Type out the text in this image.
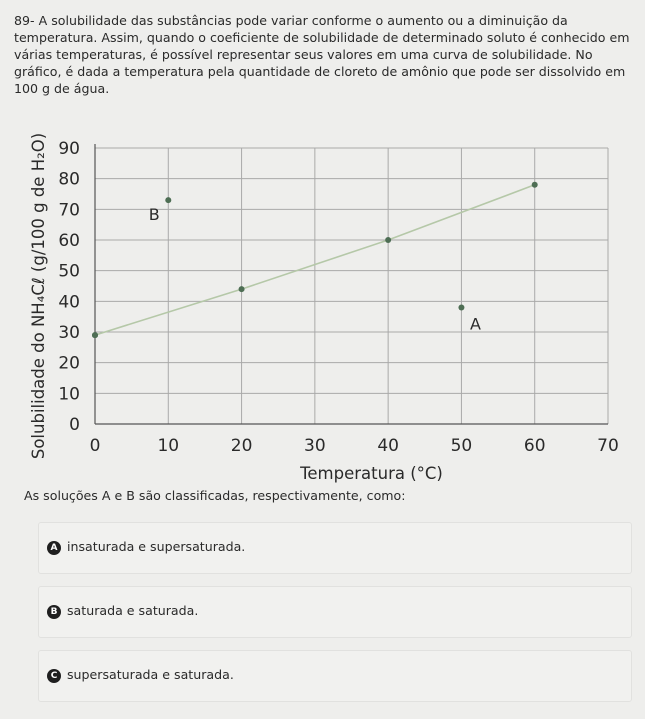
89- A solubilidade das substâncias pode variar conforme o aumento ou a diminuição da temperatura. Assim, quando o coeficiente de solubilidade de determinado soluto é conhecido em várias temperaturas, é possível representar seus valores em uma curva de solubilidade. No gráfico, é dada a temperatura pela quantidade de cloreto de amônio que pode ser dissolvido em 100 g de água.
0
10
20
30
40
50
60
70
80
90
0	10	20	30	40	50	60	70
Temperatura (°C)
Solubilidade do NH₄Cℓ (g/100 g de H₂O)	B
A
As soluções A e B são classificadas, respectivamente, como:
A insaturada e supersaturada.
B saturada e saturada.
C supersaturada e saturada.
